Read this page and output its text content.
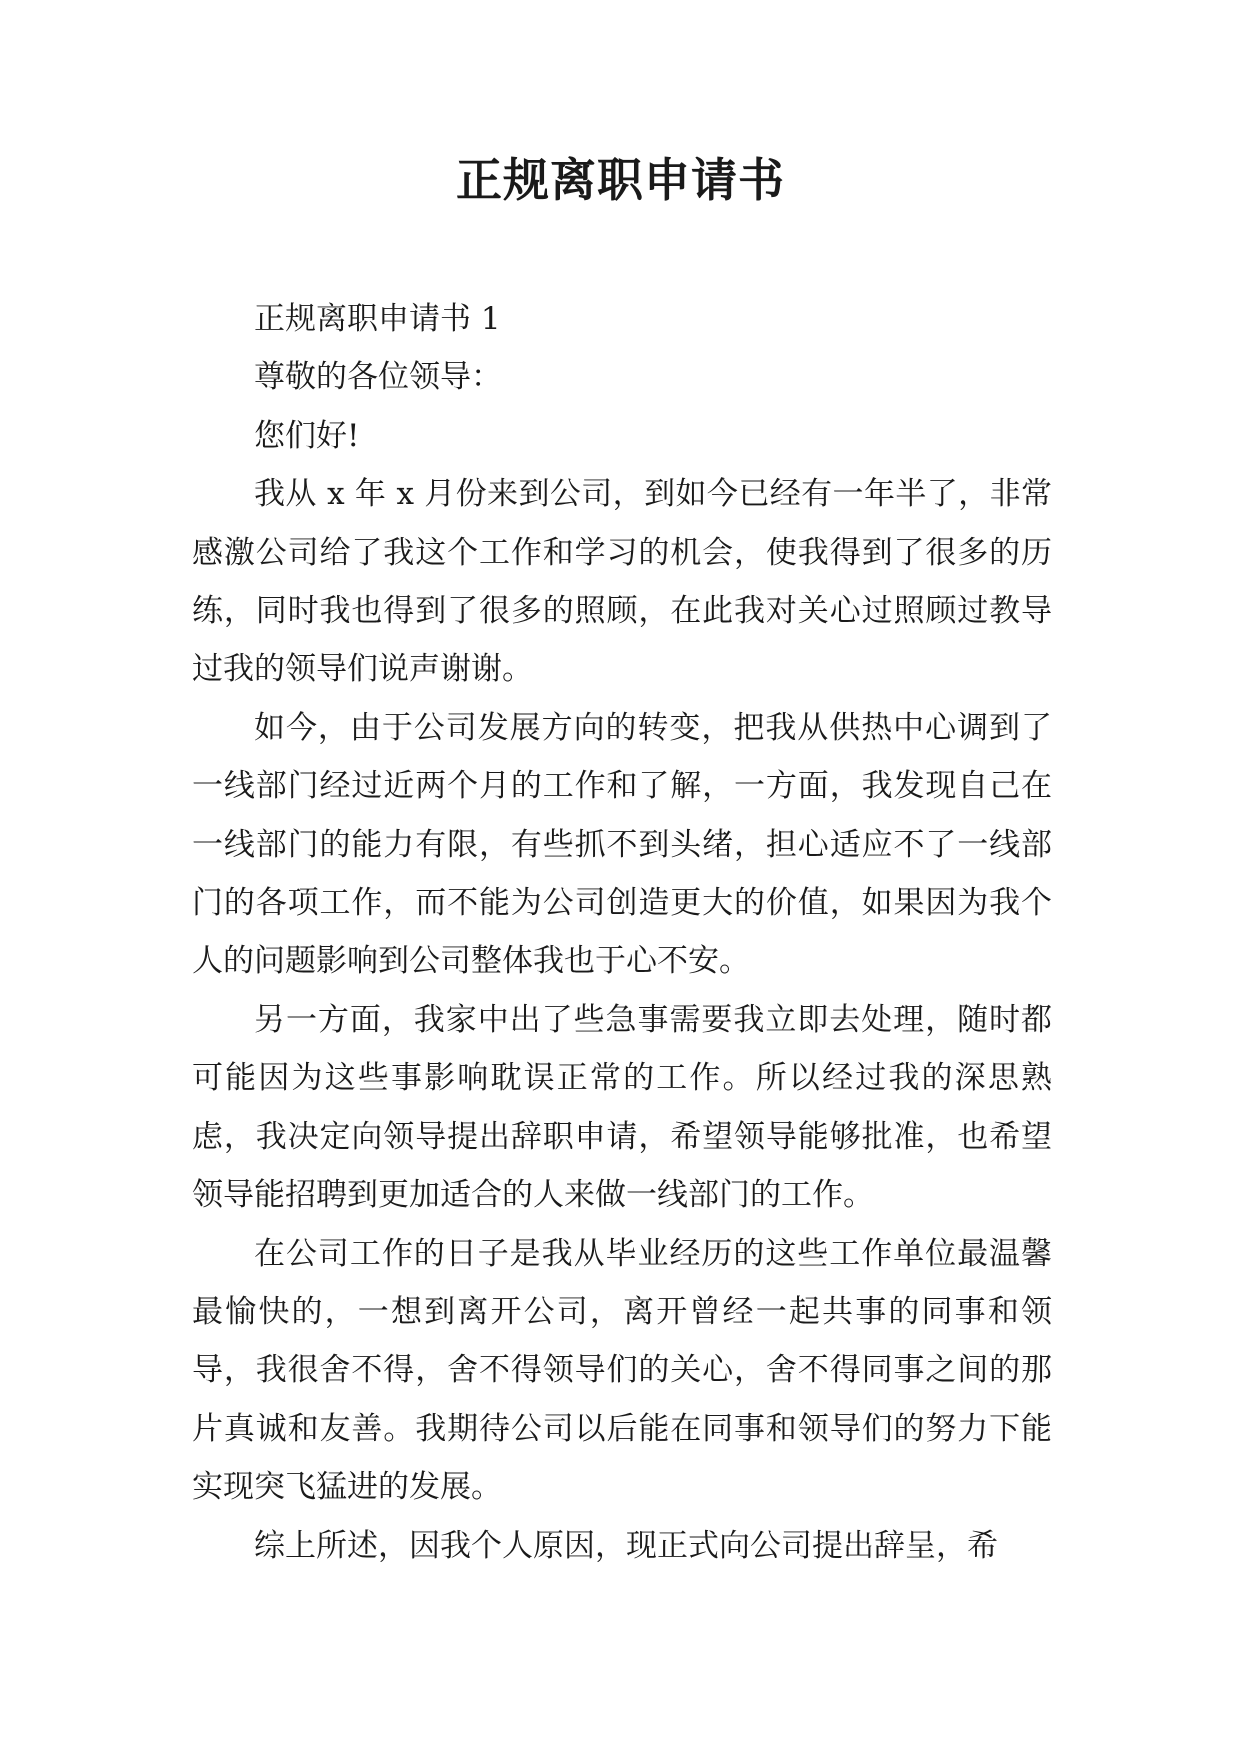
正规离职申请书

正规离职申请书 1

尊敬的各位领导：

您们好!

我从 x 年 x 月份来到公司，到如今已经有一年半了，非常感激公司给了我这个工作和学习的机会，使我得到了很多的历练，同时我也得到了很多的照顾，在此我对关心过照顾过教导过我的领导们说声谢谢。

如今，由于公司发展方向的转变，把我从供热中心调到了一线部门经过近两个月的工作和了解，一方面，我发现自己在一线部门的能力有限，有些抓不到头绪，担心适应不了一线部门的各项工作，而不能为公司创造更大的价值，如果因为我个人的问题影响到公司整体我也于心不安。

另一方面，我家中出了些急事需要我立即去处理，随时都可能因为这些事影响耽误正常的工作。所以经过我的深思熟虑，我决定向领导提出辞职申请，希望领导能够批准，也希望领导能招聘到更加适合的人来做一线部门的工作。

在公司工作的日子是我从毕业经历的这些工作单位最温馨最愉快的，一想到离开公司，离开曾经一起共事的同事和领导，我很舍不得，舍不得领导们的关心，舍不得同事之间的那片真诚和友善。我期待公司以后能在同事和领导们的努力下能实现突飞猛进的发展。

综上所述，因我个人原因，现正式向公司提出辞呈，希
